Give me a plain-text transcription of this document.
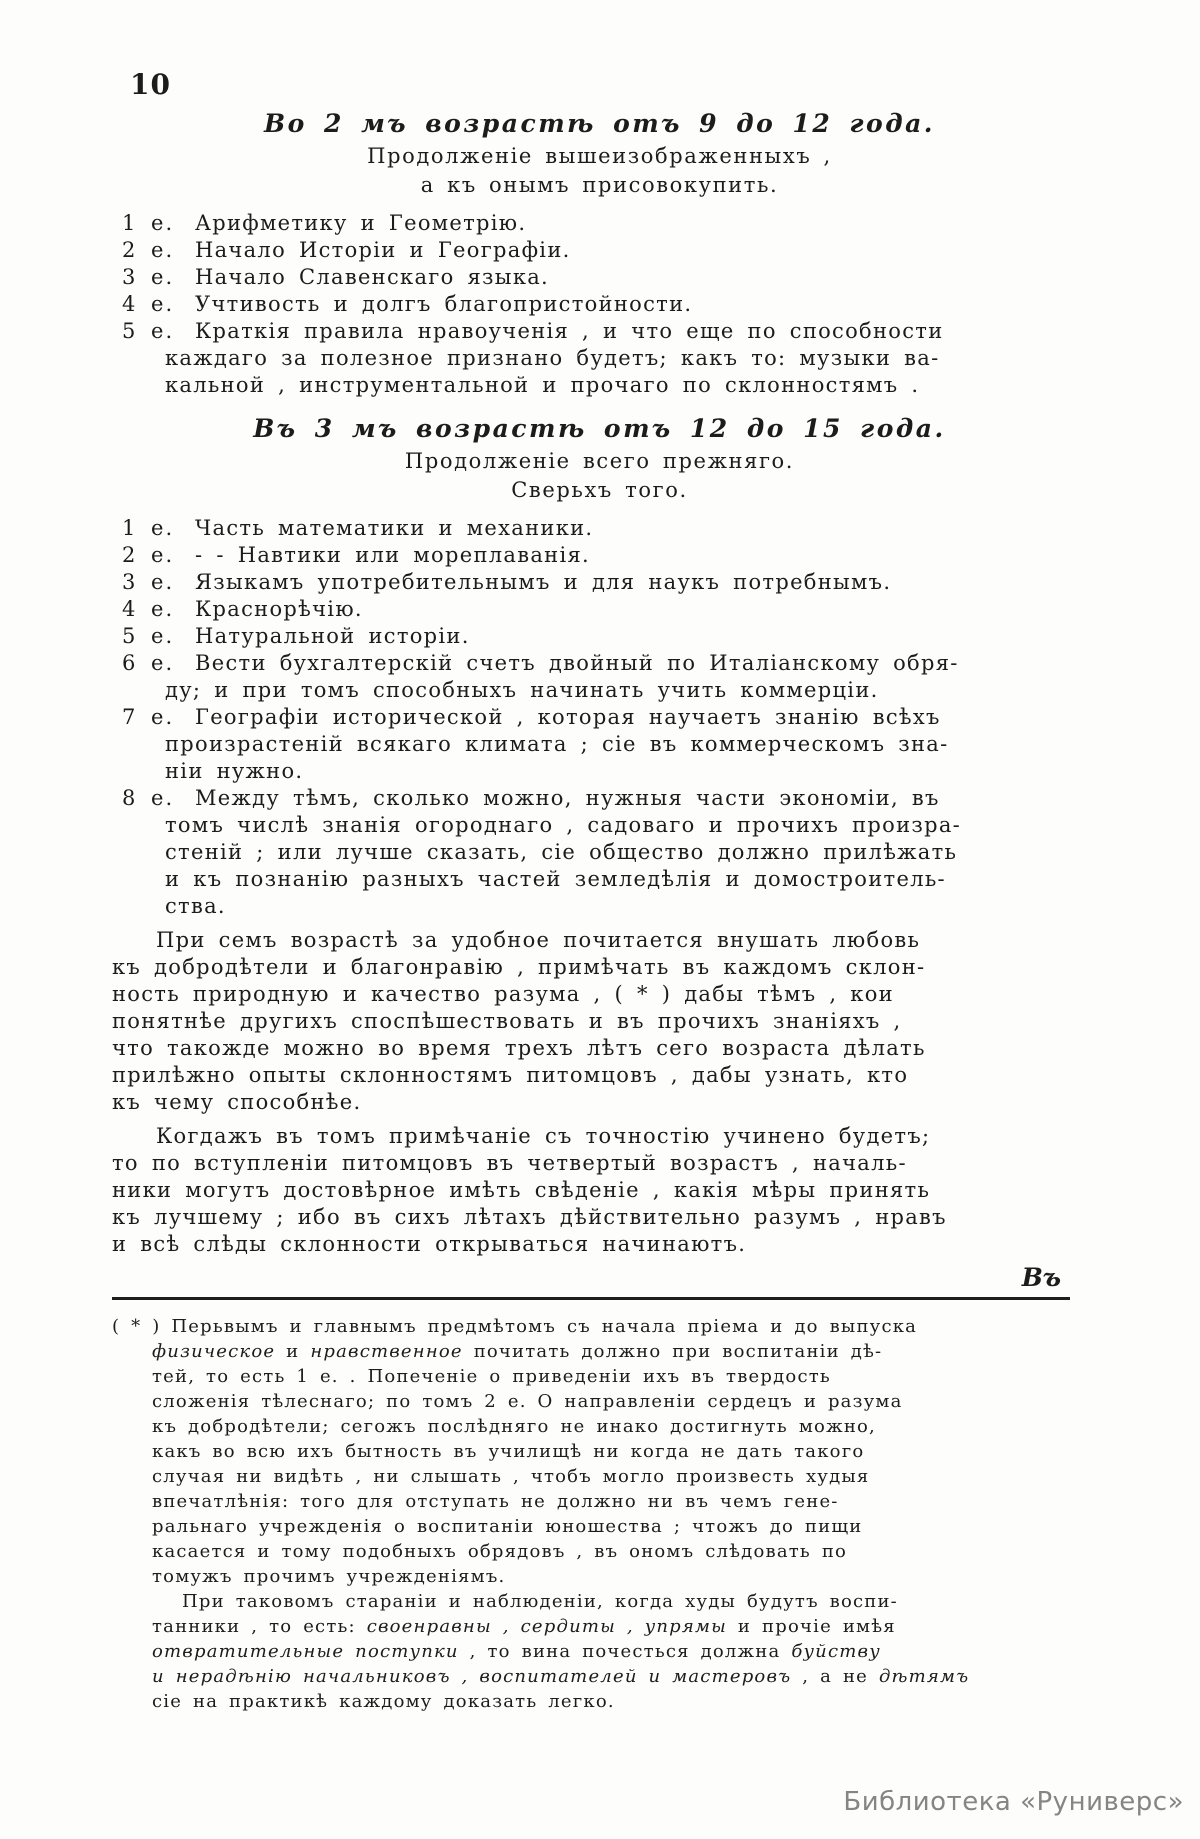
10
Во 2 мъ возрастѣ отъ 9 до 12 года.
Продолженіе вышеизображенныхъ ,
а къ онымъ присовокупить.
1 е. Арифметику и Геометрію.
2 е. Начало Исторіи и Географіи.
3 е. Начало Славенскаго языка.
4 е. Учтивость и долгъ благопристойности.
5 е. Краткія правила нравоученія , и что еще по способности
каждаго за полезное признано будетъ; какъ то: музыки ва-
кальной , инструментальной и прочаго по склонностямъ .
Въ 3 мъ возрастѣ отъ 12 до 15 года.
Продолженіе всего прежняго.
Сверьхъ того.
1 е. Часть математики и механики.
2 е. - - Навтики или мореплаванія.
3 е. Языкамъ употребительнымъ и для наукъ потребнымъ.
4 е. Краснорѣчію.
5 е. Натуральной исторіи.
6 е. Вести бухгалтерскій счетъ двойный по Италіанскому обря-
ду; и при томъ способныхъ начинать учить коммерціи.
7 е. Географіи исторической , которая научаетъ знанію всѣхъ
произрастеній всякаго климата ; сіе въ коммерческомъ зна-
ніи нужно.
8 е. Между тѣмъ, сколько можно, нужныя части экономіи, въ
томъ числѣ знанія огороднаго , садоваго и прочихъ произра-
стеній ; или лучше сказать, сіе общество должно прилѣжать
и къ познанію разныхъ частей земледѣлія и домостроитель-
ства.
При семъ возрастѣ за удобное почитается внушать любовь
къ добродѣтели и благонравію , примѣчать въ каждомъ склон-
ность природную и качество разума , ( * ) дабы тѣмъ , кои
понятнѣе другихъ споспѣшествовать и въ прочихъ знаніяхъ ,
что такожде можно во время трехъ лѣтъ сего возраста дѣлать
прилѣжно опыты склонностямъ питомцовъ , дабы узнать, кто
къ чему способнѣе.
Когдажъ въ томъ примѣчаніе съ точностію учинено будетъ;
то по вступленіи питомцовъ въ четвертый возрастъ , началь-
ники могутъ достовѣрное имѣть свѣденіе , какія мѣры принять
къ лучшему ; ибо въ сихъ лѣтахъ дѣйствительно разумъ , нравъ
и всѣ слѣды склонности открываться начинаютъ.
Въ
( * ) Перьвымъ и главнымъ предмѣтомъ съ начала пріема и до выпуска
физическое и нравственное почитать должно при воспитаніи дѣ-
тей, то есть 1 е. . Попеченіе о приведеніи ихъ въ твердость
сложенія тѣлеснаго; по томъ 2 е. О направленіи сердецъ и разума
къ добродѣтели; сегожъ послѣдняго не инако достигнуть можно,
какъ во всю ихъ бытность въ училищѣ ни когда не дать такого
случая ни видѣть , ни слышать , чтобъ могло произвесть худыя
впечатлѣнія: того для отступать не должно ни въ чемъ гене-
ральнаго учрежденія о воспитаніи юношества ; чтожъ до пищи
касается и тому подобныхъ обрядовъ , въ ономъ слѣдовать по
томужъ прочимъ учрежденіямъ.
При таковомъ стараніи и наблюденіи, когда худы будутъ воспи-
танники , то есть: своенравны , сердиты , упрямы и прочіе имѣя
отвратительные поступки , то вина почесться должна буйству
и нерадѣнію начальниковъ , воспитателей и мастеровъ , а не дѣтямъ
сіе на практикѣ каждому доказать легко.
Библиотека «Руниверс»
